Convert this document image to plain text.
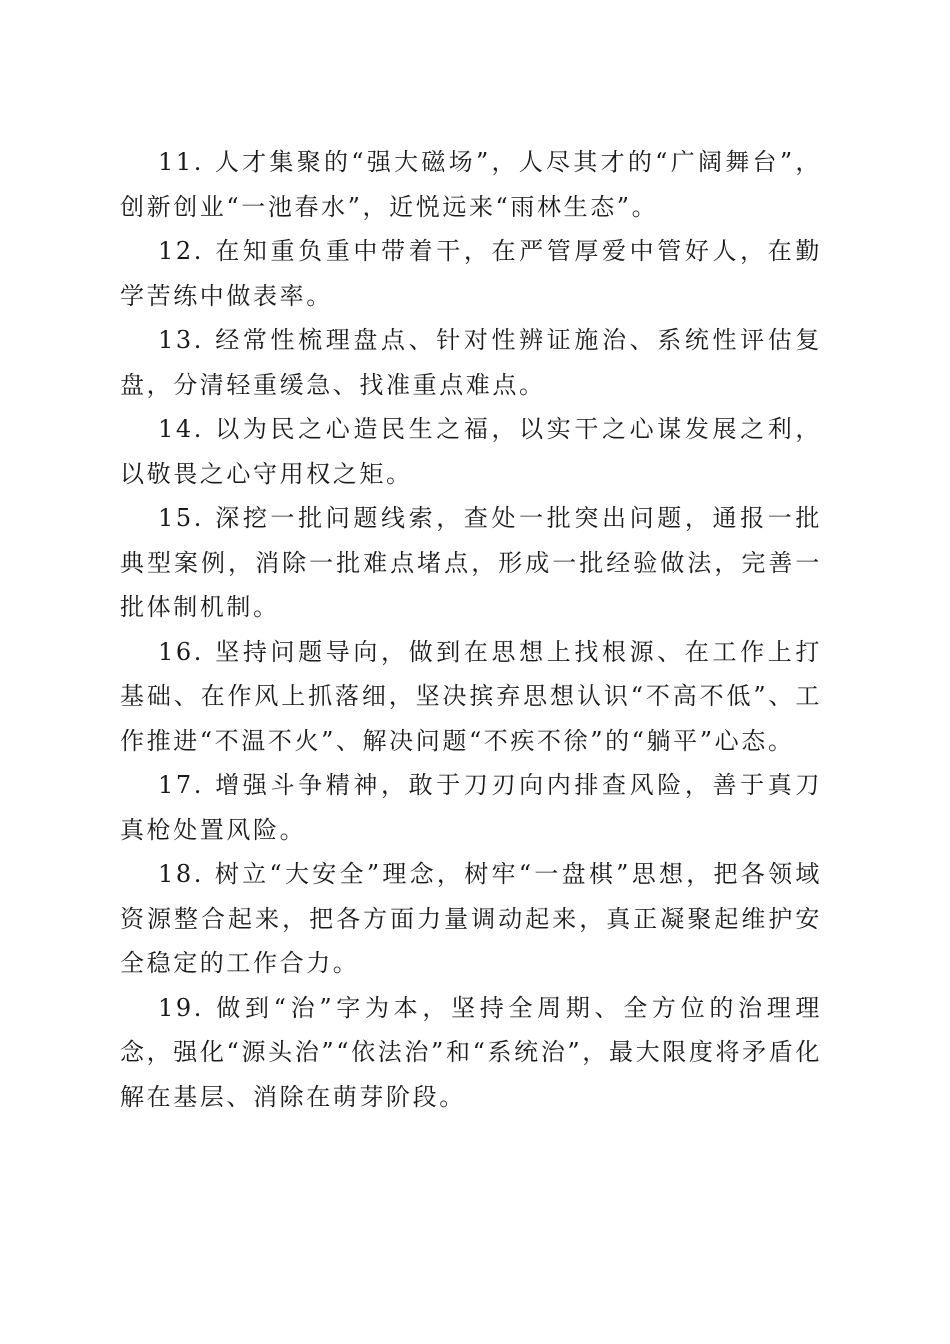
11. 人才集聚的“强大磁场”，人尽其才的“广阔舞台”，创新创业“一池春水”，近悦远来“雨林生态”。

12. 在知重负重中带着干，在严管厚爱中管好人，在勤学苦练中做表率。

13. 经常性梳理盘点、针对性辨证施治、系统性评估复盘，分清轻重缓急、找准重点难点。

14. 以为民之心造民生之福，以实干之心谋发展之利，以敬畏之心守用权之矩。

15. 深挖一批问题线索，查处一批突出问题，通报一批典型案例，消除一批难点堵点，形成一批经验做法，完善一批体制机制。

16. 坚持问题导向，做到在思想上找根源、在工作上打基础、在作风上抓落细，坚决摈弃思想认识“不高不低”、工作推进“不温不火”、解决问题“不疾不徐”的“躺平”心态。

17. 增强斗争精神，敢于刀刃向内排查风险，善于真刀真枪处置风险。

18. 树立“大安全”理念，树牢“一盘棋”思想，把各领域资源整合起来，把各方面力量调动起来，真正凝聚起维护安全稳定的工作合力。

19. 做到“治”字为本，坚持全周期、全方位的治理理念，强化“源头治”“依法治”和“系统治”，最大限度将矛盾化解在基层、消除在萌芽阶段。
